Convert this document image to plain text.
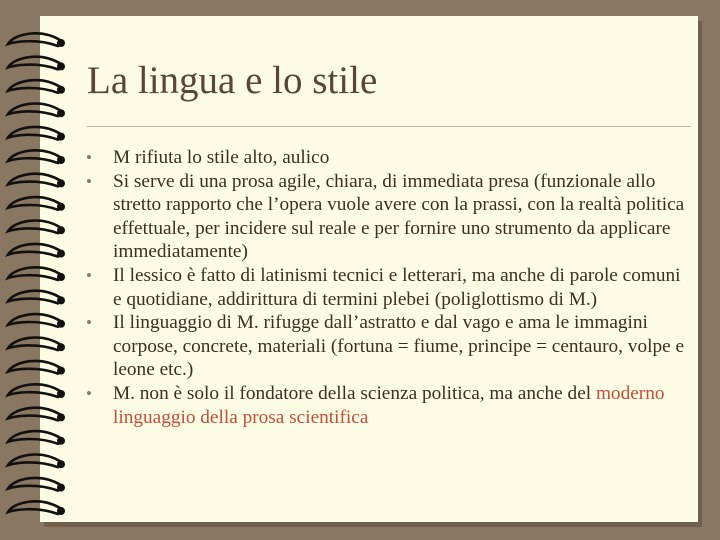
La lingua e lo stile
• M rifiuta lo stile alto, aulico
• Si serve di una prosa agile, chiara, di immediata presa (funzionale allo stretto rapporto che l’opera vuole avere con la prassi, con la realtà politica effettuale, per incidere sul reale e per fornire uno strumento da applicare immediatamente)
• Il lessico è fatto di latinismi tecnici e letterari, ma anche di parole comuni e quotidiane, addirittura di termini plebei (poliglottismo di M.)
• Il linguaggio di M. rifugge dall’astratto e dal vago e ama le immagini corpose, concrete, materiali (fortuna = fiume, principe = centauro, volpe e leone etc.)
• M. non è solo il fondatore della scienza politica, ma anche del moderno linguaggio della prosa scientifica
